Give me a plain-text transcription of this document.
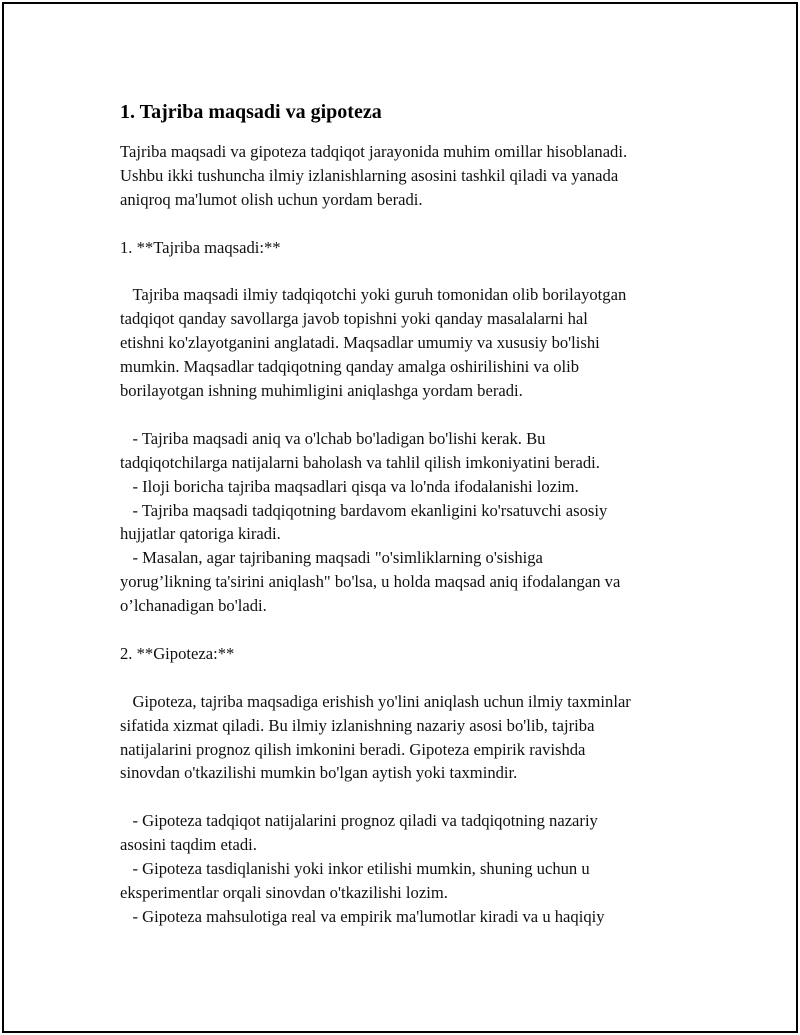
1. Tajriba maqsadi va gipoteza

Tajriba maqsadi va gipoteza tadqiqot jarayonida muhim omillar hisoblanadi.
Ushbu ikki tushuncha ilmiy izlanishlarning asosini tashkil qiladi va yanada
aniqroq ma'lumot olish uchun yordam beradi.

1. **Tajriba maqsadi:**

Tajriba maqsadi ilmiy tadqiqotchi yoki guruh tomonidan olib borilayotgan
tadqiqot qanday savollarga javob topishni yoki qanday masalalarni hal
etishni ko'zlayotganini anglatadi. Maqsadlar umumiy va xususiy bo'lishi
mumkin. Maqsadlar tadqiqotning qanday amalga oshirilishini va olib
borilayotgan ishning muhimligini aniqlashga yordam beradi.

- Tajriba maqsadi aniq va o'lchab bo'ladigan bo'lishi kerak. Bu
tadqiqotchilarga natijalarni baholash va tahlil qilish imkoniyatini beradi.
- Iloji boricha tajriba maqsadlari qisqa va lo'nda ifodalanishi lozim.
- Tajriba maqsadi tadqiqotning bardavom ekanligini ko'rsatuvchi asosiy
hujjatlar qatoriga kiradi.
- Masalan, agar tajribaning maqsadi "o'simliklarning o'sishiga
yorug’likning ta'sirini aniqlash" bo'lsa, u holda maqsad aniq ifodalangan va
o’lchanadigan bo'ladi.

2. **Gipoteza:**

Gipoteza, tajriba maqsadiga erishish yo'lini aniqlash uchun ilmiy taxminlar
sifatida xizmat qiladi. Bu ilmiy izlanishning nazariy asosi bo'lib, tajriba
natijalarini prognoz qilish imkonini beradi. Gipoteza empirik ravishda
sinovdan o'tkazilishi mumkin bo'lgan aytish yoki taxmindir.

- Gipoteza tadqiqot natijalarini prognoz qiladi va tadqiqotning nazariy
asosini taqdim etadi.
- Gipoteza tasdiqlanishi yoki inkor etilishi mumkin, shuning uchun u
eksperimentlar orqali sinovdan o'tkazilishi lozim.
- Gipoteza mahsulotiga real va empirik ma'lumotlar kiradi va u haqiqiy
